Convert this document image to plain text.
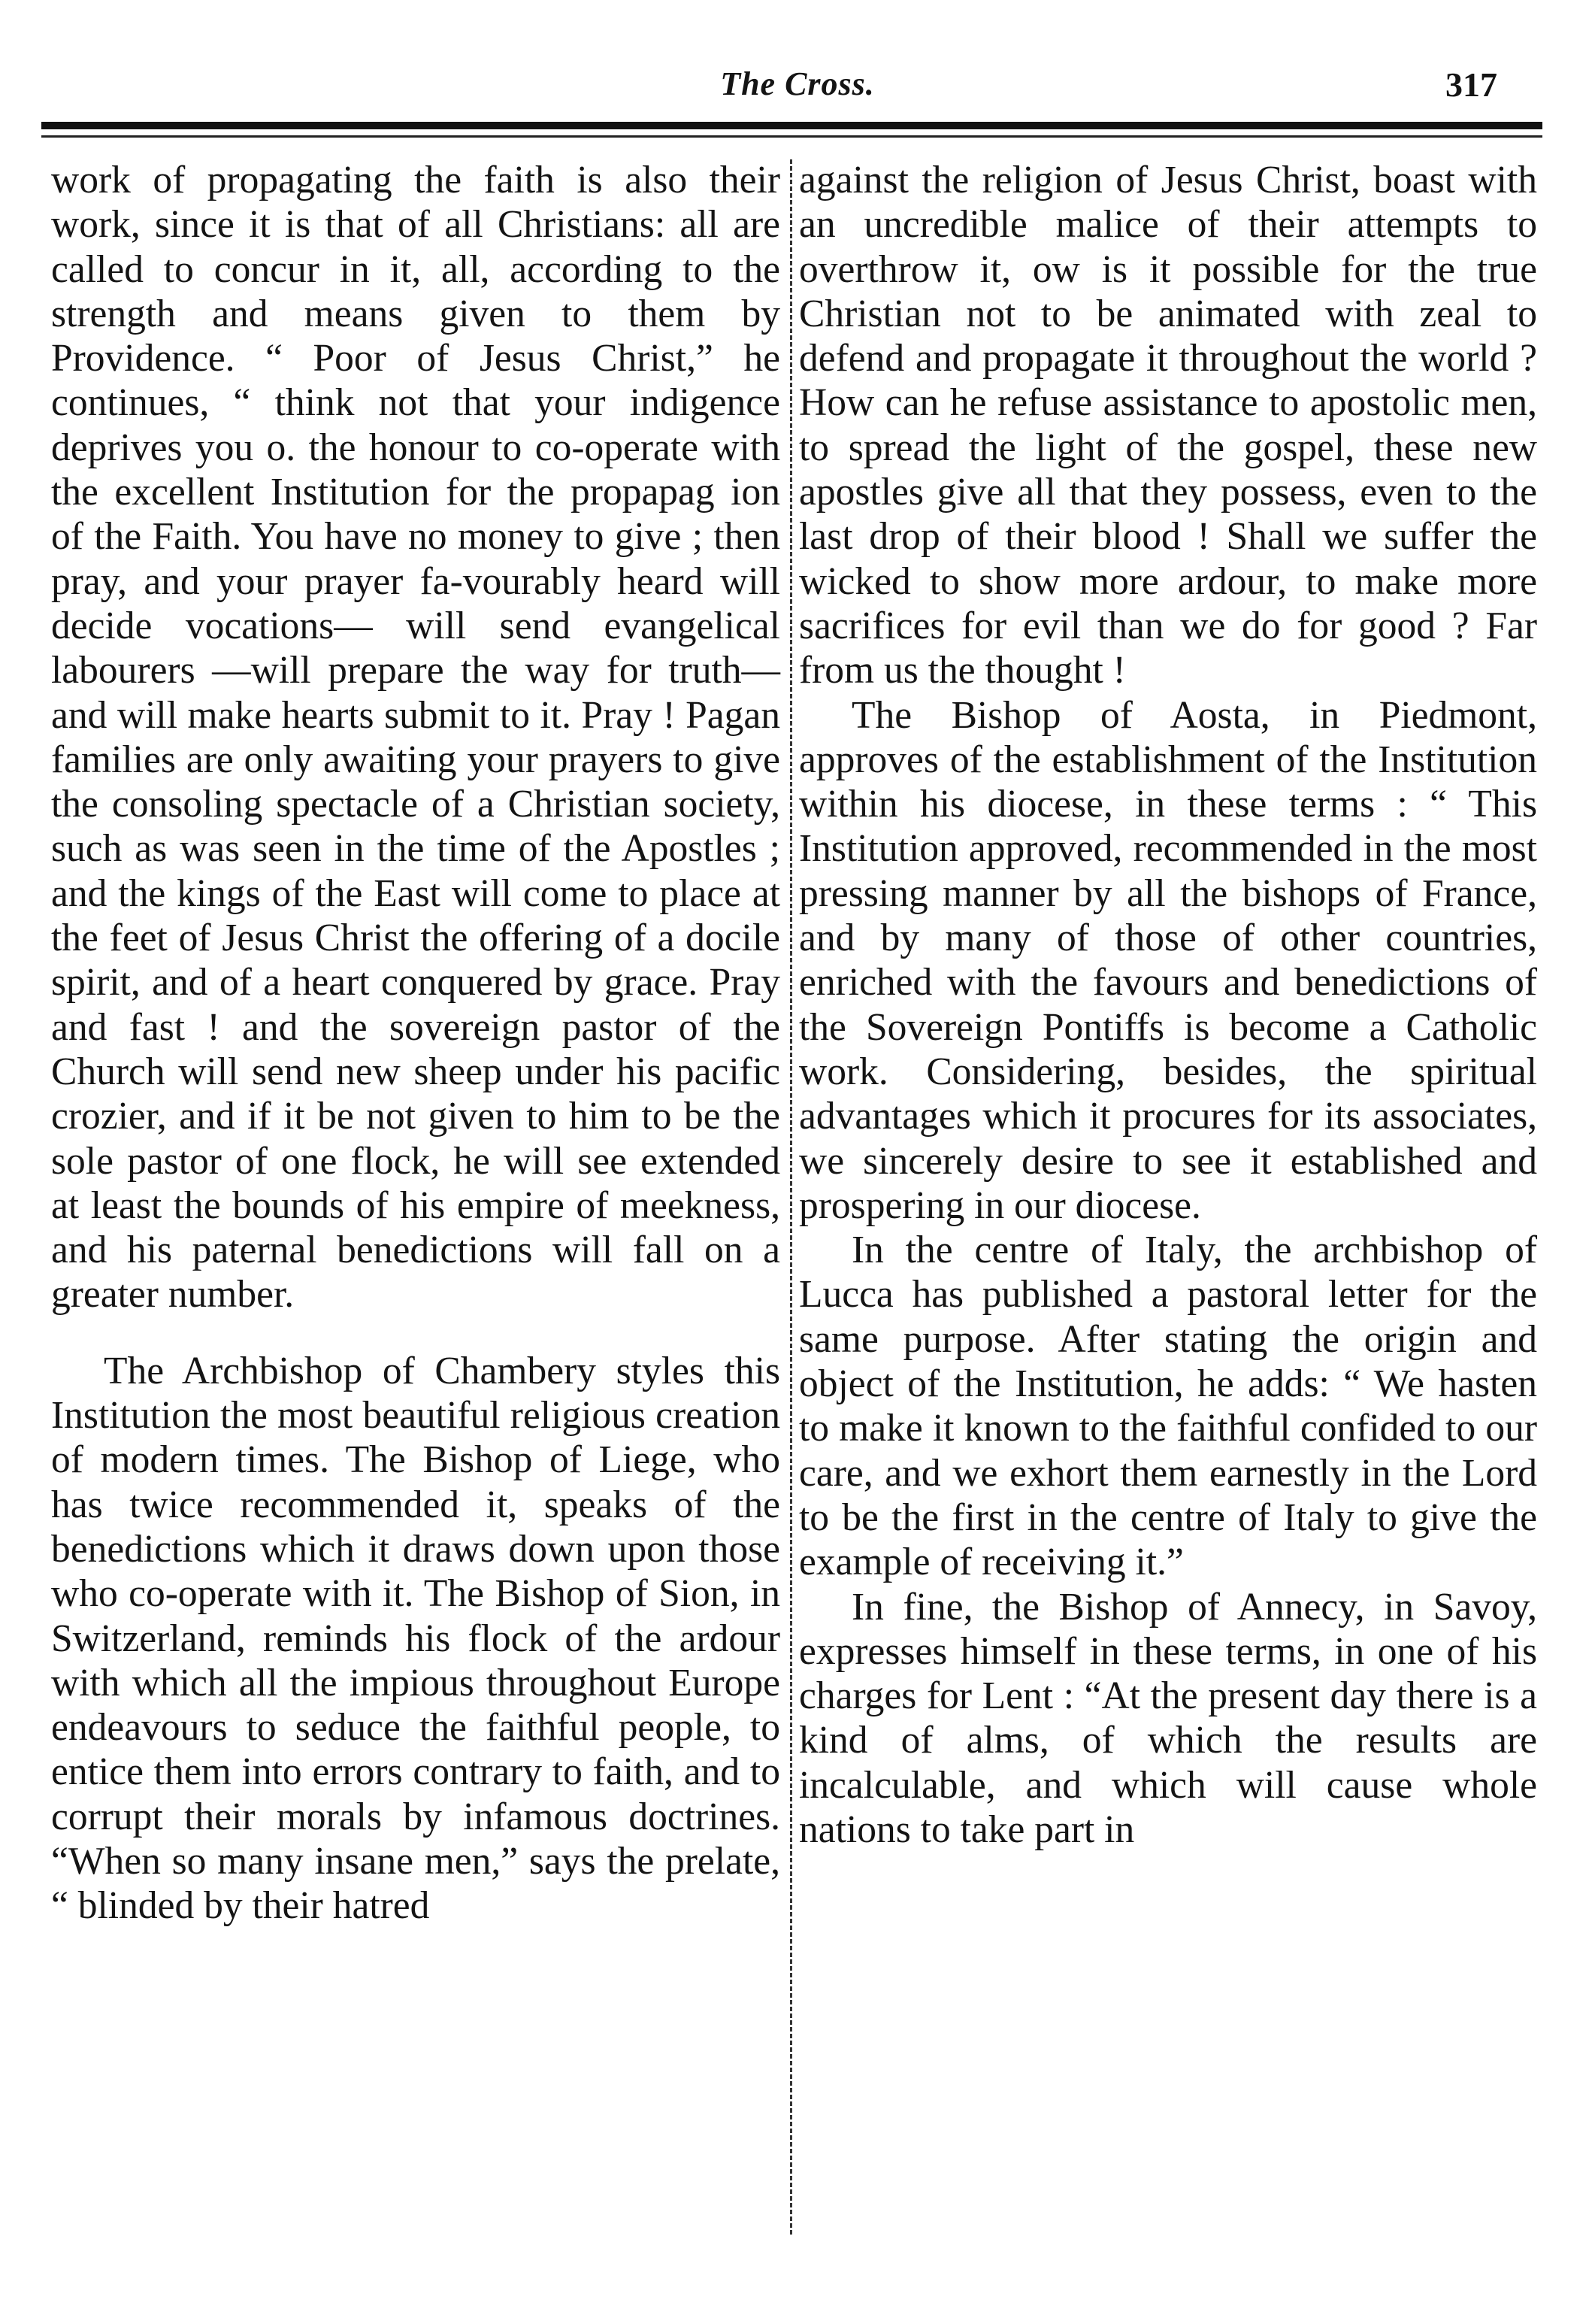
The Cross.	317

work of propagating the faith is also their work, since it is that of all Christians: all are called to concur in it, all, according to the strength and means given to them by Providence. “ Poor of Jesus Christ,” he continues, “ think not that your indigence deprives you o. the honour to co-operate with the excellent Institution for the propapag ion of the Faith. You have no money to give ; then pray, and your prayer fa-vourably heard will decide vocations— will send evangelical labourers —will prepare the way for truth—and will make hearts submit to it. Pray ! Pagan families are only awaiting your prayers to give the consoling spectacle of a Christian society, such as was seen in the time of the Apostles ; and the kings of the East will come to place at the feet of Jesus Christ the offering of a docile spirit, and of a heart conquered by grace. Pray and fast ! and the sovereign pastor of the Church will send new sheep under his pacific crozier, and if it be not given to him to be the sole pastor of one flock, he will see extended at least the bounds of his empire of meekness, and his paternal benedictions will fall on a greater number.

The Archbishop of Chambery styles this Institution the most beautiful religious creation of modern times. The Bishop of Liege, who has twice recommended it, speaks of the benedictions which it draws down upon those who co-operate with it. The Bishop of Sion, in Switzerland, reminds his flock of the ardour with which all the impious throughout Europe endeavours to seduce the faithful people, to entice them into errors contrary to faith, and to corrupt their morals by infamous doctrines. “When so many insane men,” says the prelate, “ blinded by their hatred

against the religion of Jesus Christ, boast with an uncredible malice of their attempts to overthrow it, ow is it possible for the true Christian not to be animated with zeal to defend and propagate it throughout the world ? How can he refuse assistance to apostolic men, to spread the light of the gospel, these new apostles give all that they possess, even to the last drop of their blood ! Shall we suffer the wicked to show more ardour, to make more sacrifices for evil than we do for good ? Far from us the thought !

The Bishop of Aosta, in Piedmont, approves of the establishment of the Institution within his diocese, in these terms : “ This Institution approved, recommended in the most pressing manner by all the bishops of France, and by many of those of other countries, enriched with the favours and benedictions of the Sovereign Pontiffs is become a Catholic work. Considering, besides, the spiritual advantages which it procures for its associates, we sincerely desire to see it established and prospering in our diocese.

In the centre of Italy, the archbishop of Lucca has published a pastoral letter for the same purpose. After stating the origin and object of the Institution, he adds: “ We hasten to make it known to the faithful confided to our care, and we exhort them earnestly in the Lord to be the first in the centre of Italy to give the example of receiving it.”

In fine, the Bishop of Annecy, in Savoy, expresses himself in these terms, in one of his charges for Lent : “At the present day there is a kind of alms, of which the results are incalculable, and which will cause whole nations to take part in
